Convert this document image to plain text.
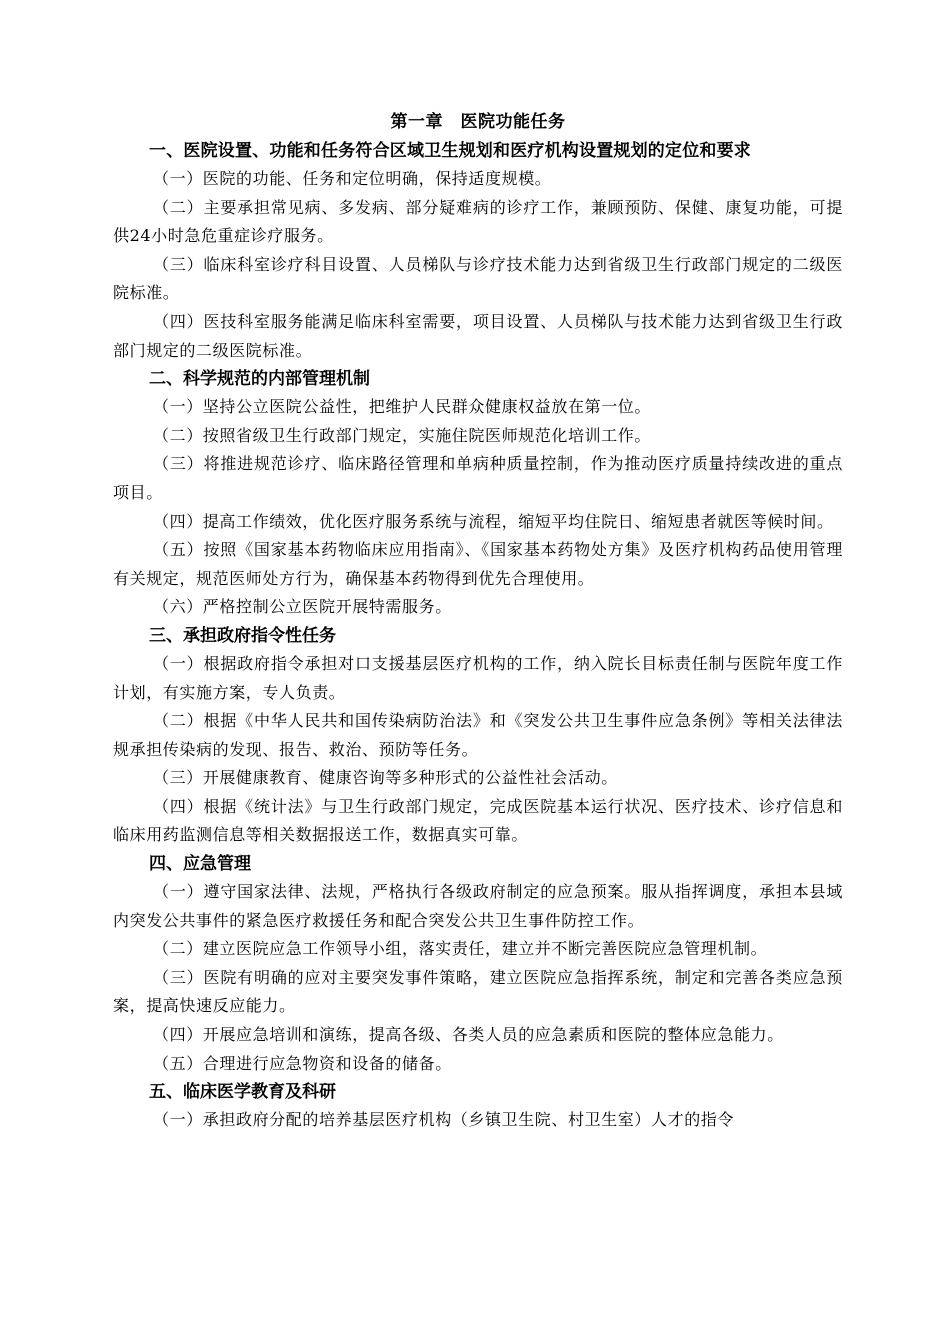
第一章　医院功能任务
一、医院设置、功能和任务符合区域卫生规划和医疗机构设置规划的定位和要求

（一）医院的功能、任务和定位明确，保持适度规模。

（二）主要承担常见病、多发病、部分疑难病的诊疗工作，兼顾预防、保健、康复功能，可提供24小时急危重症诊疗服务。

（三）临床科室诊疗科目设置、人员梯队与诊疗技术能力达到省级卫生行政部门规定的二级医院标准。

（四）医技科室服务能满足临床科室需要，项目设置、人员梯队与技术能力达到省级卫生行政部门规定的二级医院标准。

二、科学规范的内部管理机制

（一）坚持公立医院公益性，把维护人民群众健康权益放在第一位。

（二）按照省级卫生行政部门规定，实施住院医师规范化培训工作。

（三）将推进规范诊疗、临床路径管理和单病种质量控制，作为推动医疗质量持续改进的重点项目。

（四）提高工作绩效，优化医疗服务系统与流程，缩短平均住院日、缩短患者就医等候时间。

（五）按照《国家基本药物临床应用指南》、《国家基本药物处方集》及医疗机构药品使用管理有关规定，规范医师处方行为，确保基本药物得到优先合理使用。

（六）严格控制公立医院开展特需服务。

三、承担政府指令性任务

（一）根据政府指令承担对口支援基层医疗机构的工作，纳入院长目标责任制与医院年度工作计划，有实施方案，专人负责。

（二）根据《中华人民共和国传染病防治法》和《突发公共卫生事件应急条例》等相关法律法规承担传染病的发现、报告、救治、预防等任务。

（三）开展健康教育、健康咨询等多种形式的公益性社会活动。

（四）根据《统计法》与卫生行政部门规定，完成医院基本运行状况、医疗技术、诊疗信息和临床用药监测信息等相关数据报送工作，数据真实可靠。

四、应急管理

（一）遵守国家法律、法规，严格执行各级政府制定的应急预案。服从指挥调度，承担本县域内突发公共事件的紧急医疗救援任务和配合突发公共卫生事件防控工作。

（二）建立医院应急工作领导小组，落实责任，建立并不断完善医院应急管理机制。

（三）医院有明确的应对主要突发事件策略，建立医院应急指挥系统，制定和完善各类应急预案，提高快速反应能力。

（四）开展应急培训和演练，提高各级、各类人员的应急素质和医院的整体应急能力。

（五）合理进行应急物资和设备的储备。

五、临床医学教育及科研

（一）承担政府分配的培养基层医疗机构（乡镇卫生院、村卫生室）人才的指令
